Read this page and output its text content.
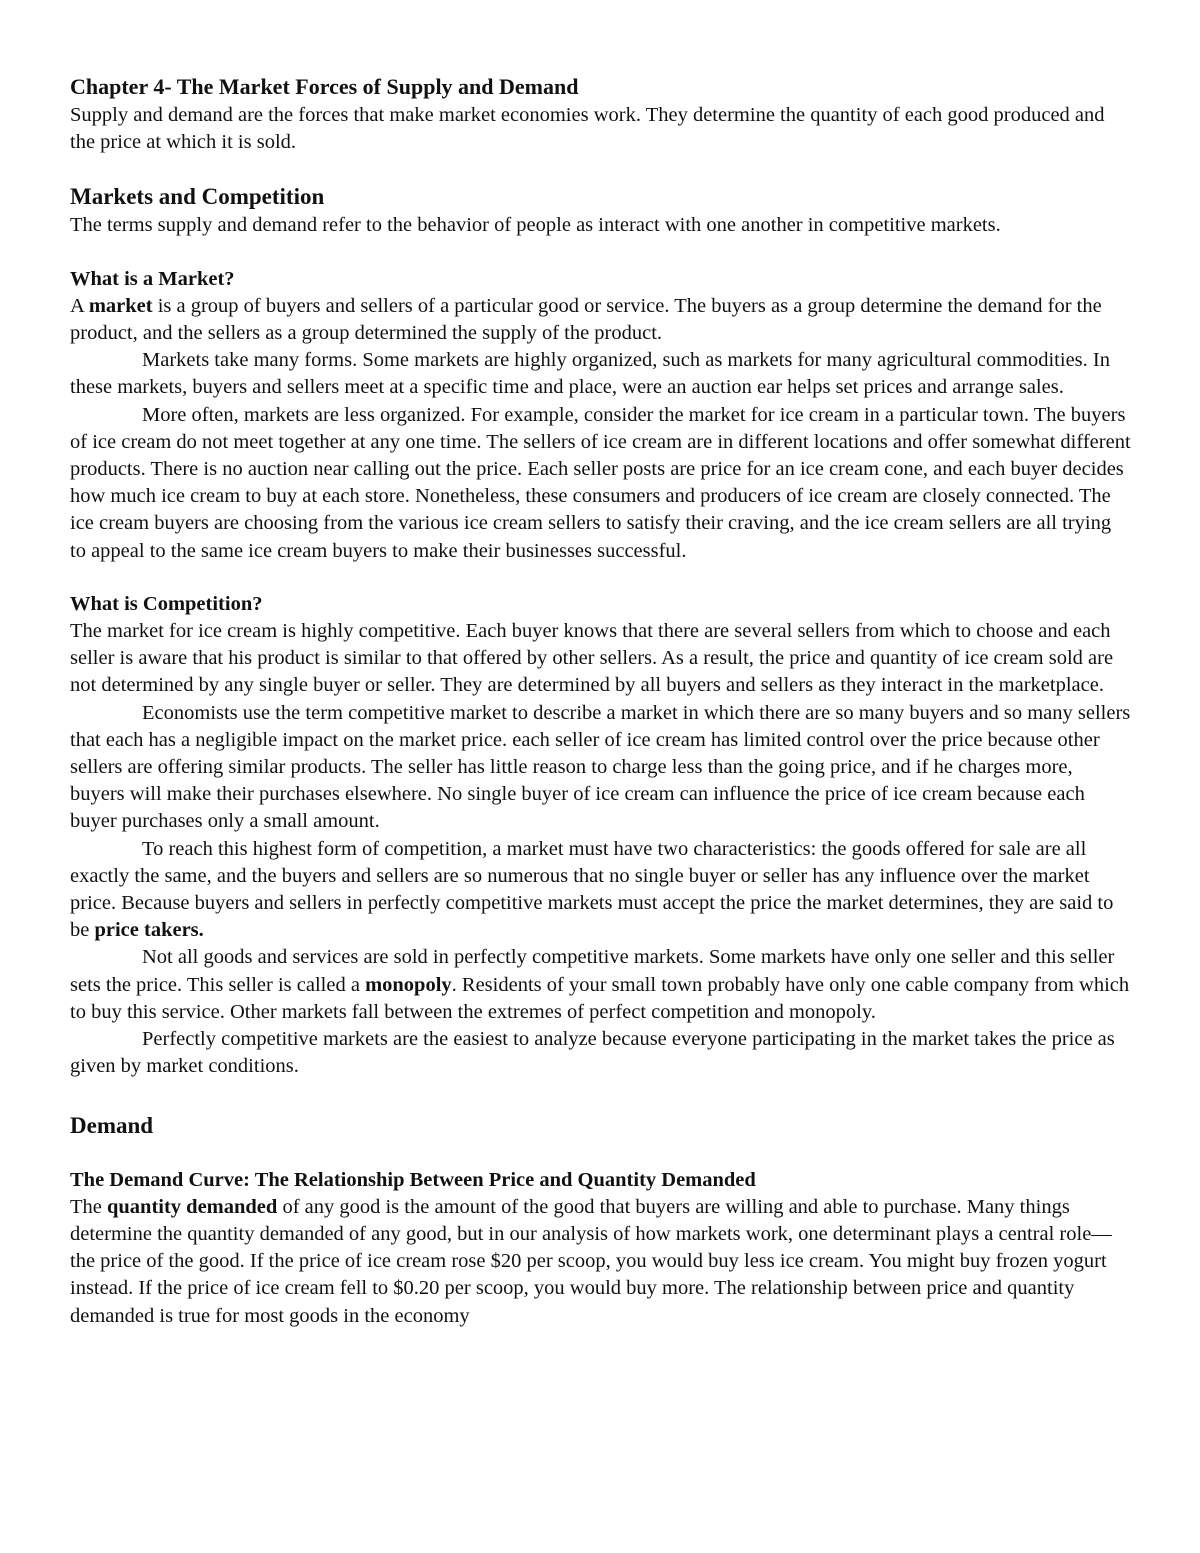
Chapter 4- The Market Forces of Supply and Demand

Supply and demand are the forces that make market economies work. They determine the quantity of each good produced and the price at which it is sold.

Markets and Competition

The terms supply and demand refer to the behavior of people as interact with one another in competitive markets.

What is a Market?

A market is a group of buyers and sellers of a particular good or service. The buyers as a group determine the demand for the product, and the sellers as a group determined the supply of the product.

Markets take many forms. Some markets are highly organized, such as markets for many agricultural commodities. In these markets, buyers and sellers meet at a specific time and place, were an auction ear helps set prices and arrange sales.

More often, markets are less organized. For example, consider the market for ice cream in a particular town. The buyers of ice cream do not meet together at any one time. The sellers of ice cream are in different locations and offer somewhat different products. There is no auction near calling out the price. Each seller posts are price for an ice cream cone, and each buyer decides how much ice cream to buy at each store. Nonetheless, these consumers and producers of ice cream are closely connected. The ice cream buyers are choosing from the various ice cream sellers to satisfy their craving, and the ice cream sellers are all trying to appeal to the same ice cream buyers to make their businesses successful.

What is Competition?

The market for ice cream is highly competitive. Each buyer knows that there are several sellers from which to choose and each seller is aware that his product is similar to that offered by other sellers. As a result, the price and quantity of ice cream sold are not determined by any single buyer or seller. They are determined by all buyers and sellers as they interact in the marketplace.

Economists use the term competitive market to describe a market in which there are so many buyers and so many sellers that each has a negligible impact on the market price. each seller of ice cream has limited control over the price because other sellers are offering similar products. The seller has little reason to charge less than the going price, and if he charges more, buyers will make their purchases elsewhere. No single buyer of ice cream can influence the price of ice cream because each buyer purchases only a small amount.

To reach this highest form of competition, a market must have two characteristics: the goods offered for sale are all exactly the same, and the buyers and sellers are so numerous that no single buyer or seller has any influence over the market price. Because buyers and sellers in perfectly competitive markets must accept the price the market determines, they are said to be price takers.

Not all goods and services are sold in perfectly competitive markets. Some markets have only one seller and this seller sets the price. This seller is called a monopoly. Residents of your small town probably have only one cable company from which to buy this service. Other markets fall between the extremes of perfect competition and monopoly.

Perfectly competitive markets are the easiest to analyze because everyone participating in the market takes the price as given by market conditions.

Demand
The Demand Curve: The Relationship Between Price and Quantity Demanded

The quantity demanded of any good is the amount of the good that buyers are willing and able to purchase. Many things determine the quantity demanded of any good, but in our analysis of how markets work, one determinant plays a central role—the price of the good. If the price of ice cream rose $20 per scoop, you would buy less ice cream. You might buy frozen yogurt instead. If the price of ice cream fell to $0.20 per scoop, you would buy more. The relationship between price and quantity demanded is true for most goods in the economy
